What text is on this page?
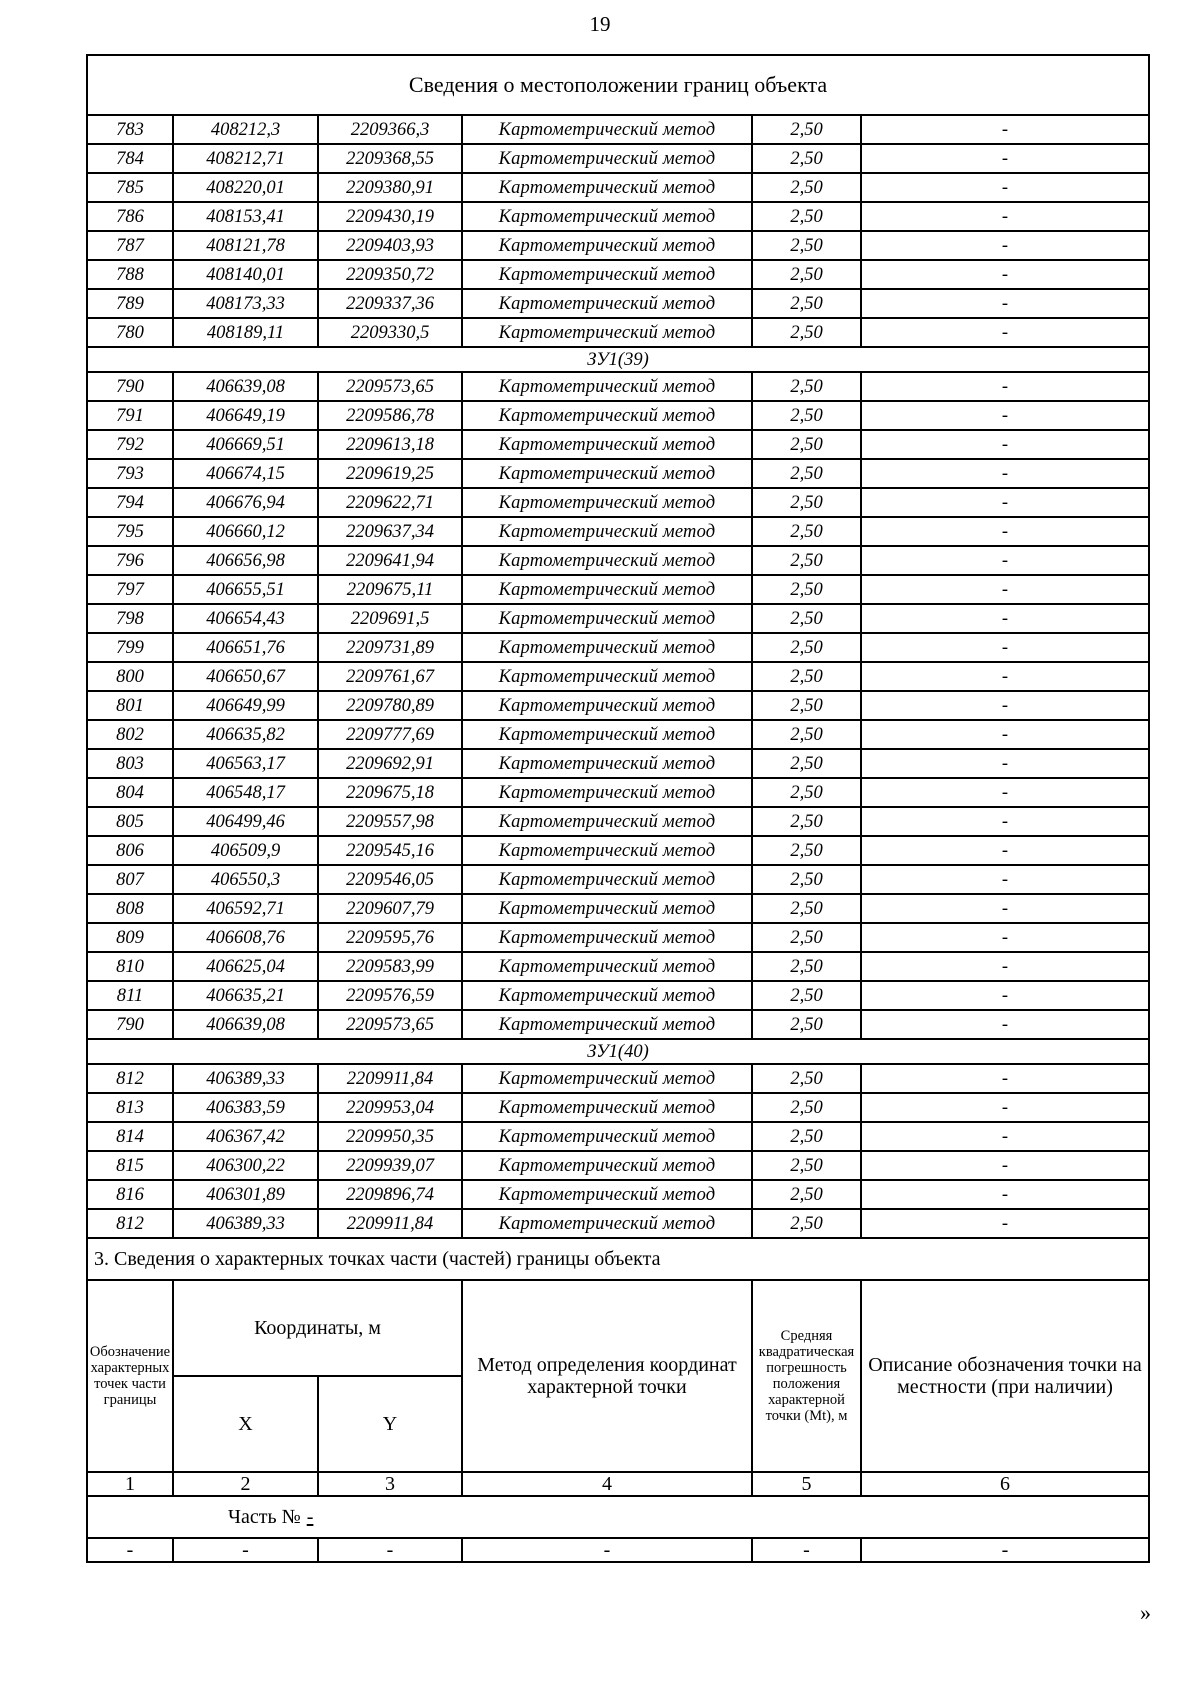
19
Сведения о местоположении границ объекта					
783	408212,3	2209366,3	Картометрический метод	2,50	-
784	408212,71	2209368,55	Картометрический метод	2,50	-
785	408220,01	2209380,91	Картометрический метод	2,50	-
786	408153,41	2209430,19	Картометрический метод	2,50	-
787	408121,78	2209403,93	Картометрический метод	2,50	-
788	408140,01	2209350,72	Картометрический метод	2,50	-
789	408173,33	2209337,36	Картометрический метод	2,50	-
780	408189,11	2209330,5	Картометрический метод	2,50	-
ЗУ1(39)					
790	406639,08	2209573,65	Картометрический метод	2,50	-
791	406649,19	2209586,78	Картометрический метод	2,50	-
792	406669,51	2209613,18	Картометрический метод	2,50	-
793	406674,15	2209619,25	Картометрический метод	2,50	-
794	406676,94	2209622,71	Картометрический метод	2,50	-
795	406660,12	2209637,34	Картометрический метод	2,50	-
796	406656,98	2209641,94	Картометрический метод	2,50	-
797	406655,51	2209675,11	Картометрический метод	2,50	-
798	406654,43	2209691,5	Картометрический метод	2,50	-
799	406651,76	2209731,89	Картометрический метод	2,50	-
800	406650,67	2209761,67	Картометрический метод	2,50	-
801	406649,99	2209780,89	Картометрический метод	2,50	-
802	406635,82	2209777,69	Картометрический метод	2,50	-
803	406563,17	2209692,91	Картометрический метод	2,50	-
804	406548,17	2209675,18	Картометрический метод	2,50	-
805	406499,46	2209557,98	Картометрический метод	2,50	-
806	406509,9	2209545,16	Картометрический метод	2,50	-
807	406550,3	2209546,05	Картометрический метод	2,50	-
808	406592,71	2209607,79	Картометрический метод	2,50	-
809	406608,76	2209595,76	Картометрический метод	2,50	-
810	406625,04	2209583,99	Картометрический метод	2,50	-
811	406635,21	2209576,59	Картометрический метод	2,50	-
790	406639,08	2209573,65	Картометрический метод	2,50	-
ЗУ1(40)					
812	406389,33	2209911,84	Картометрический метод	2,50	-
813	406383,59	2209953,04	Картометрический метод	2,50	-
814	406367,42	2209950,35	Картометрический метод	2,50	-
815	406300,22	2209939,07	Картометрический метод	2,50	-
816	406301,89	2209896,74	Картометрический метод	2,50	-
812	406389,33	2209911,84	Картометрический метод	2,50	-
3. Сведения о характерных точках части (частей) границы объекта					
Обозначение характерных точек части границы	Координаты, м		Метод определения координат характерной точки	Средняя квадратическая погрешность положения характерной точки (Mt), м	Описание обозначения точки на местности (при наличии)
	X	Y			
1	2	3	4	5	6
Часть № -					
-	-	-	-	-	-
»
